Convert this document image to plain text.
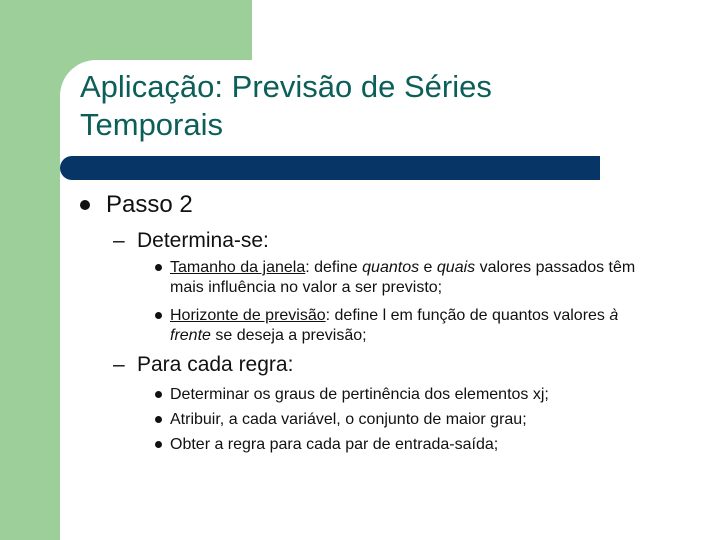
Aplicação: Previsão de Séries Temporais
Passo 2
– Determina-se:
Tamanho da janela: define quantos e quais valores passados têm mais influência no valor a ser previsto;
Horizonte de previsão: define l em função de quantos valores à frente se deseja a previsão;
– Para cada regra:
Determinar os graus de pertinência dos elementos xj;
Atribuir, a cada variável, o conjunto de maior grau;
Obter a regra para cada par de entrada-saída;
